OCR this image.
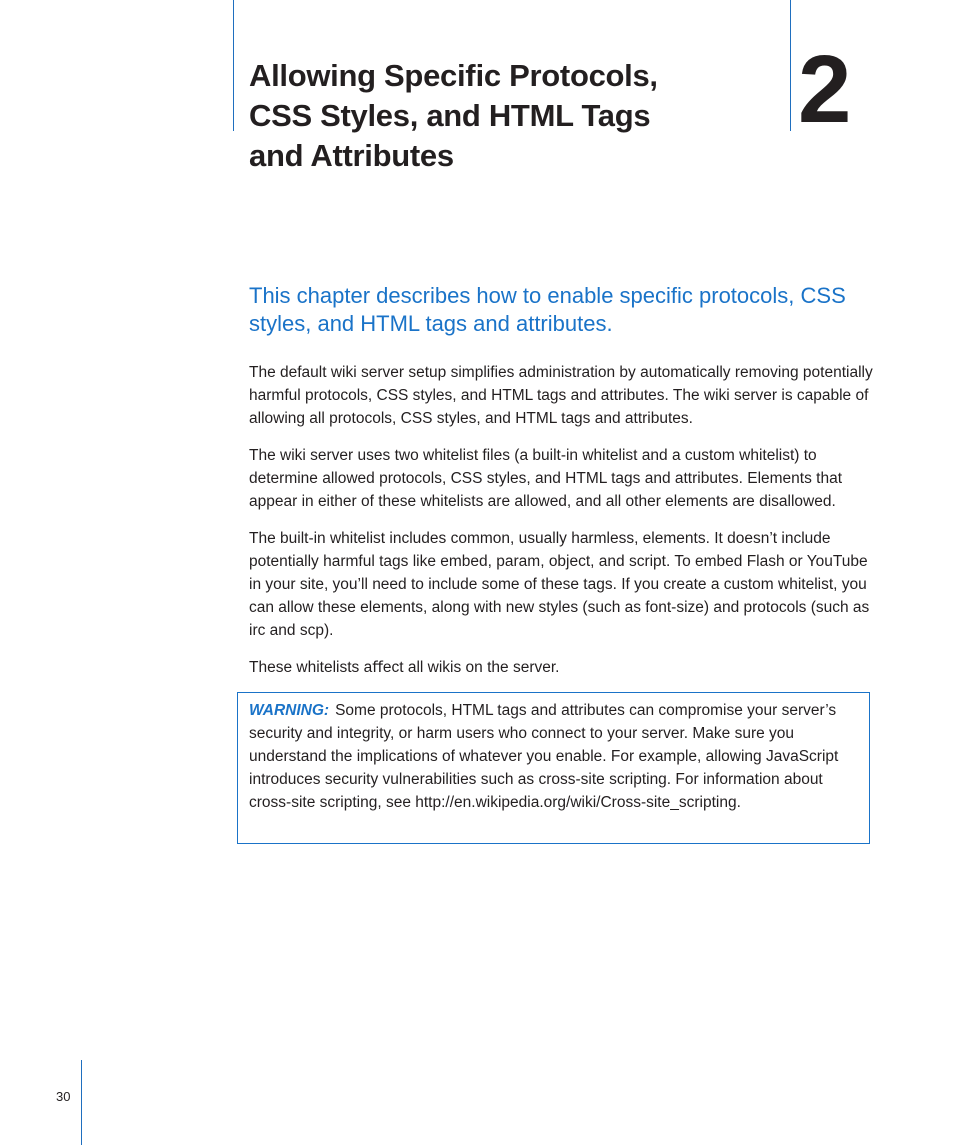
Allowing Speciﬁc Protocols,
CSS Styles, and HTML Tags
and Attributes
2
This chapter describes how to enable speciﬁc protocols, CSS styles, and HTML tags and attributes.

The default wiki server setup simpliﬁes administration by automatically removing potentially harmful protocols, CSS styles, and HTML tags and attributes. The wiki server is capable of allowing all protocols, CSS styles, and HTML tags and attributes.

The wiki server uses two whitelist ﬁles (a built-in whitelist and a custom whitelist) to determine allowed protocols, CSS styles, and HTML tags and attributes. Elements that appear in either of these whitelists are allowed, and all other elements are disallowed.

The built-in whitelist includes common, usually harmless, elements. It doesn’t include potentially harmful tags like embed, param, object, and script. To embed Flash or YouTube in your site, you’ll need to include some of these tags. If you create a custom whitelist, you can allow these elements, along with new styles (such as font-size) and protocols (such as irc and scp).

These whitelists aﬀect all wikis on the server.

WARNING: Some protocols, HTML tags and attributes can compromise your server’s security and integrity, or harm users who connect to your server. Make sure you understand the implications of whatever you enable. For example, allowing JavaScript introduces security vulnerabilities such as cross-site scripting. For information about cross-site scripting, see http://en.wikipedia.org/wiki/Cross-site_scripting.

30
